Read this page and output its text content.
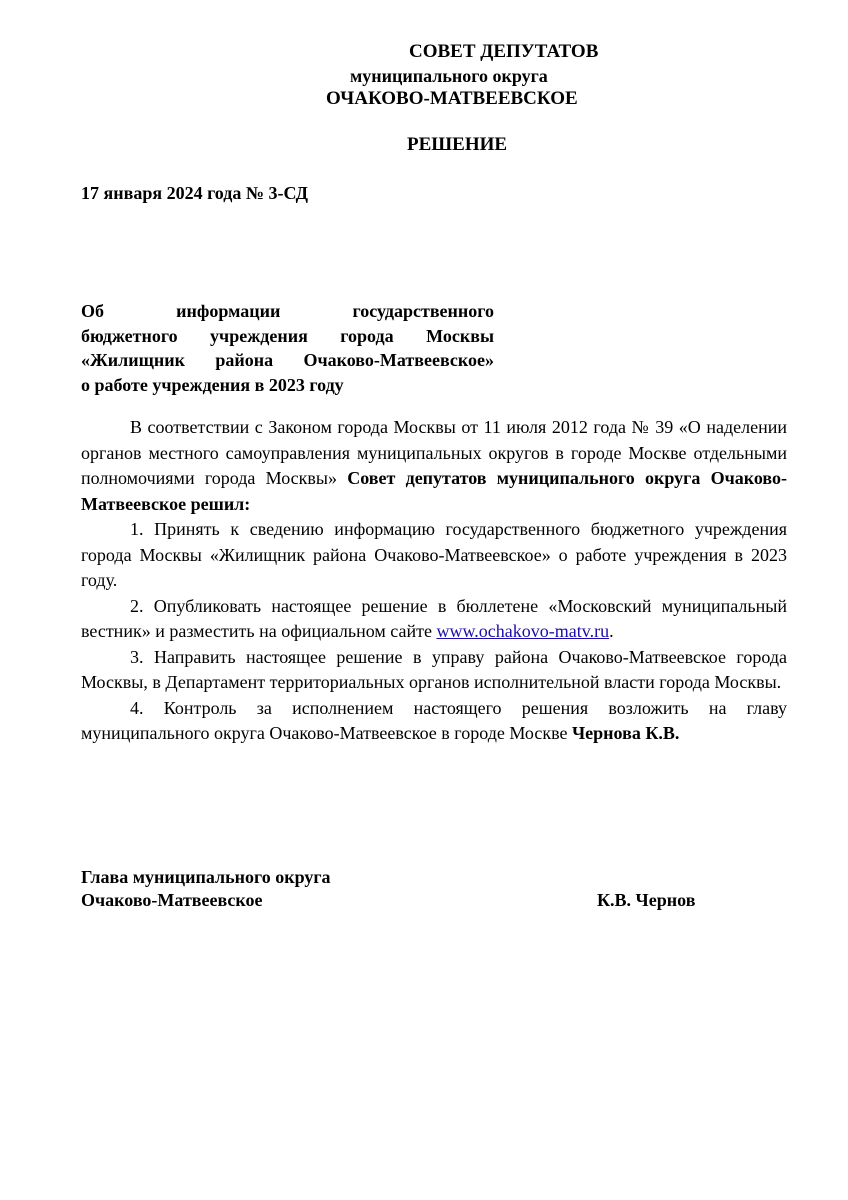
СОВЕТ ДЕПУТАТОВ
муниципального округа
ОЧАКОВО-МАТВЕЕВСКОЕ
РЕШЕНИЕ
17 января 2024 года № 3-СД
Об информации государственного
бюджетного учреждения города Москвы
«Жилищник района Очаково-Матвеевское»
о работе учреждения в 2023 году

В соответствии с Законом города Москвы от 11 июля 2012 года № 39 «О наделении органов местного самоуправления муниципальных округов в городе Москве отдельными полномочиями города Москвы» Совет депутатов муниципального округа Очаково-Матвеевское решил:

1. Принять к сведению информацию государственного бюджетного учреждения города Москвы «Жилищник района Очаково-Матвеевское» о работе учреждения в 2023 году.

2. Опубликовать настоящее решение в бюллетене «Московский муниципальный вестник» и разместить на официальном сайте www.ochakovo-matv.ru.

3. Направить настоящее решение в управу района Очаково-Матвеевское города Москвы, в Департамент территориальных органов исполнительной власти города Москвы.

4. Контроль за исполнением настоящего решения возложить на главу муниципального округа Очаково-Матвеевское в городе Москве Чернова К.В.

Глава муниципального округа
Очаково-Матвеевское	К.В. Чернов
